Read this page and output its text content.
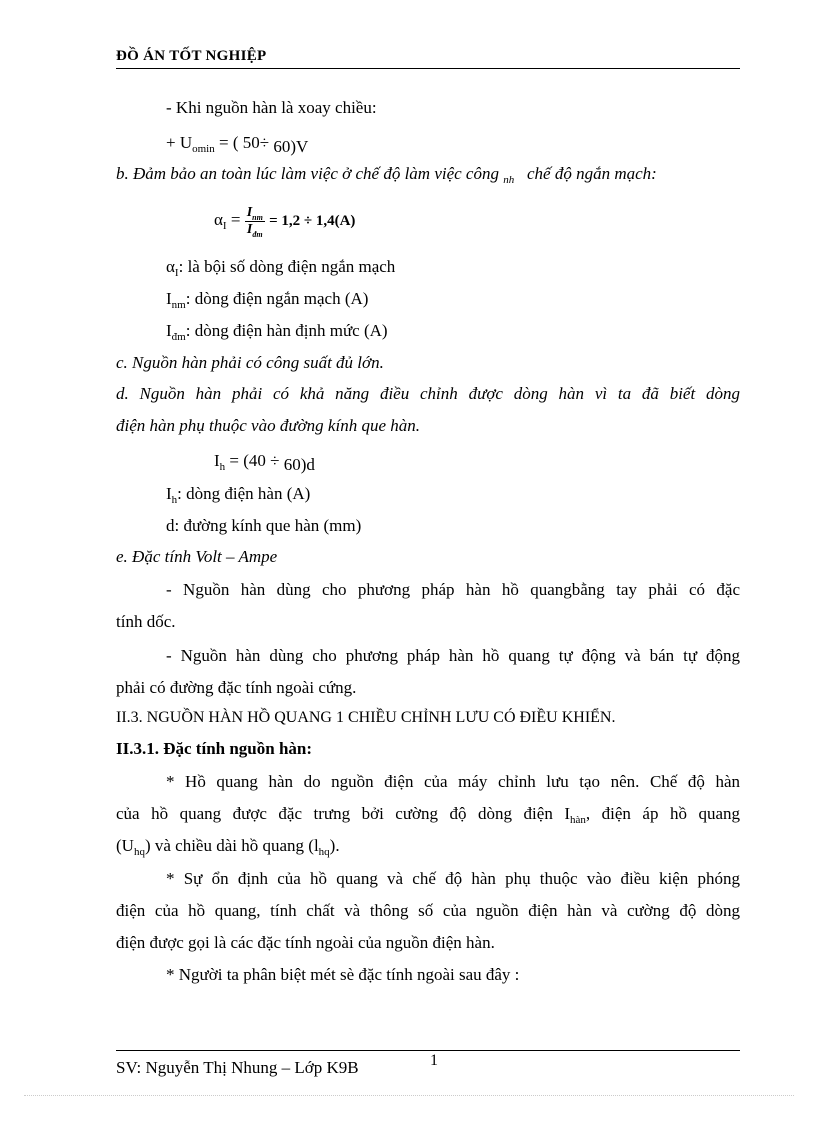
ĐỒ ÁN TỐT NGHIỆP
- Khi nguồn hàn là xoay chiều:
+ $U_{omin}$ = ( 50÷ 60)V
b. Đảm bảo an toàn lúc làm việc ở chế độ làm việc công $_{nh}$ chế độ ngắn mạch:
$\alpha_I = \frac{I_{nm}}{I_{đm}} = 1,2 \div 1,4(A)$
$\alpha_I$: là bội số dòng điện ngắn mạch
$I_{nm}$: dòng điện ngắn mạch (A)
$I_{đm}$: dòng điện hàn định mức (A)
c. Nguồn hàn phải có công suất đủ lớn.
d. Nguồn hàn phải có khả năng điều chỉnh được dòng hàn vì ta đã biết dòng
điện hàn phụ thuộc vào đường kính que hàn.
$I_h = (40 \div 60)d$
$I_h$: dòng điện hàn (A)
d: đường kính que hàn (mm)
e. Đặc tính Volt – Ampe
- Nguồn hàn dùng cho phương pháp hàn hồ quangbằng tay phải có đặc
tính dốc.
- Nguồn hàn dùng cho phương pháp hàn hồ quang tự động và bán tự động
phải có đường đặc tính ngoài cứng.
II.3. NGUỒN HÀN HỒ QUANG 1 CHIỀU CHỈNH LƯU CÓ ĐIỀU KHIỂN.
II.3.1. Đặc tính nguồn hàn:
* Hồ quang hàn do nguồn điện của máy chỉnh lưu tạo nên. Chế độ hàn
của hồ quang được đặc trưng bởi cường độ dòng điện $I_{hàn}$, điện áp hồ quang
$(U_{hq})$ và chiều dài hồ quang $(l_{hq})$.
* Sự ổn định của hồ quang và chế độ hàn phụ thuộc vào điều kiện phóng
điện của hồ quang, tính chất và thông số của nguồn điện hàn và cường độ dòng
điện được gọi là các đặc tính ngoài của nguồn điện hàn.
* Người ta phân biệt mét sè đặc tính ngoài sau đây :
SV: Nguyễn Thị Nhung – Lớp K9B	1
